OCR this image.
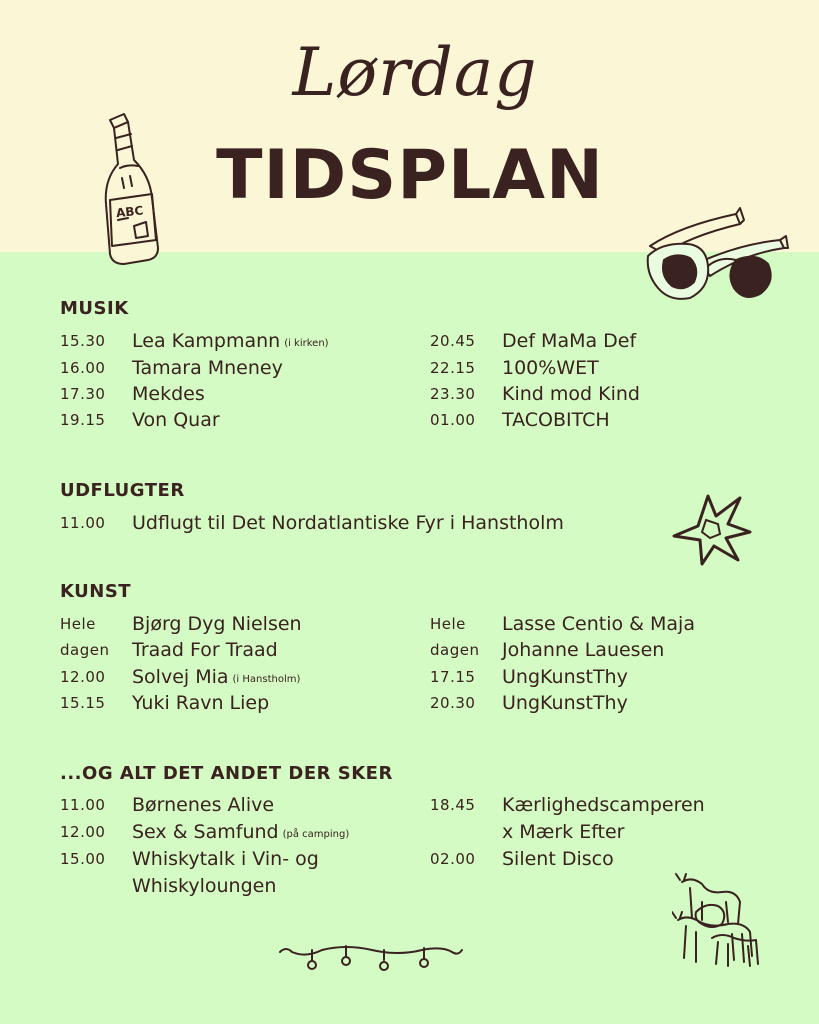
Lørdag
TIDSPLAN
ABC
MUSIK
15.30 Lea Kampmann (i kirken)
16.00 Tamara Mneney
17.30 Mekdes
19.15 Von Quar
20.45 Def MaMa Def
22.15 100%WET
23.30 Kind mod Kind
01.00 TACOBITCH
UDFLUGTER
11.00 Udflugt til Det Nordatlantiske Fyr i Hanstholm
KUNST
Hele Bjørg Dyg Nielsen
dagen Traad For Traad
12.00 Solvej Mia (i Hanstholm)
15.15 Yuki Ravn Liep
Hele Lasse Centio & Maja
dagen Johanne Lauesen
17.15 UngKunstThy
20.30 UngKunstThy
...OG ALT DET ANDET DER SKER
11.00 Børnenes Alive
12.00 Sex & Samfund (på camping)
15.00 Whiskytalk i Vin- og
Whiskyloungen
18.45 Kærlighedscamperen
x Mærk Efter
02.00 Silent Disco
